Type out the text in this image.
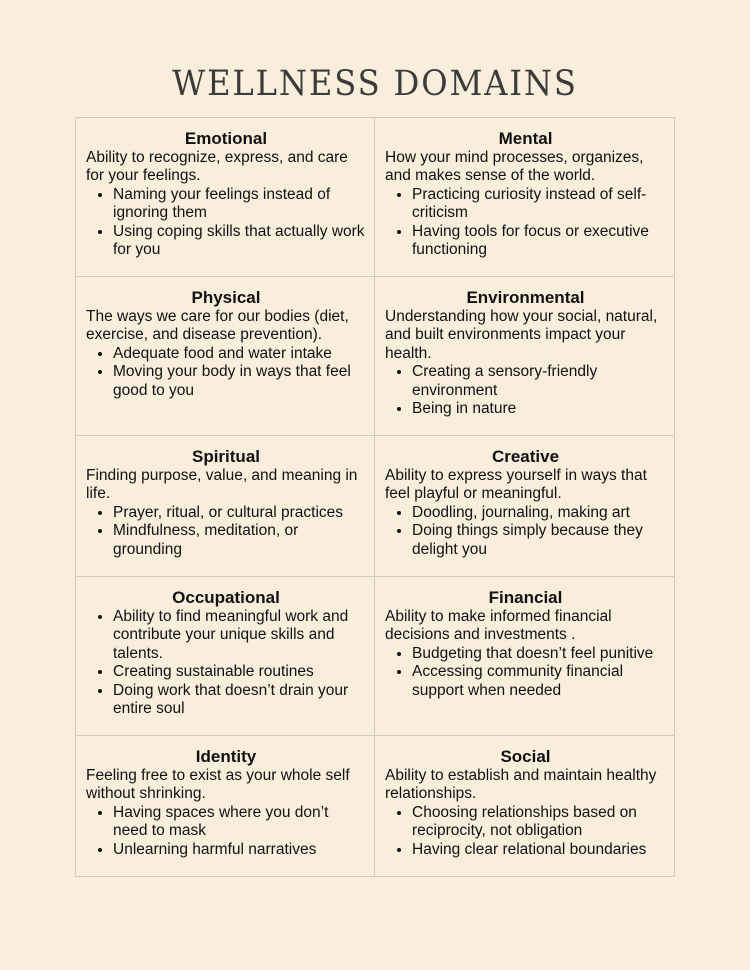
WELLNESS DOMAINS
Emotional

Ability to recognize, express, and care for your feelings.

• Naming your feelings instead of ignoring them
• Using coping skills that actually work for you
Mental

How your mind processes, organizes, and makes sense of the world.

• Practicing curiosity instead of self-criticism
• Having tools for focus or executive functioning
Physical

The ways we care for our bodies (diet, exercise, and disease prevention).

• Adequate food and water intake
• Moving your body in ways that feel good to you
Environmental

Understanding how your social, natural, and built environments impact your health.

• Creating a sensory-friendly environment
• Being in nature
Spiritual

Finding purpose, value, and meaning in life.

• Prayer, ritual, or cultural practices
• Mindfulness, meditation, or grounding
Creative

Ability to express yourself in ways that feel playful or meaningful.

• Doodling, journaling, making art
• Doing things simply because they delight you
Occupational
• Ability to find meaningful work and contribute your unique skills and talents.
• Creating sustainable routines
• Doing work that doesn’t drain your entire soul
Financial

Ability to make informed financial decisions and investments .

• Budgeting that doesn’t feel punitive
• Accessing community financial support when needed
Identity

Feeling free to exist as your whole self without shrinking.

• Having spaces where you don’t need to mask
• Unlearning harmful narratives
Social

Ability to establish and maintain healthy relationships.

• Choosing relationships based on reciprocity, not obligation
• Having clear relational boundaries
